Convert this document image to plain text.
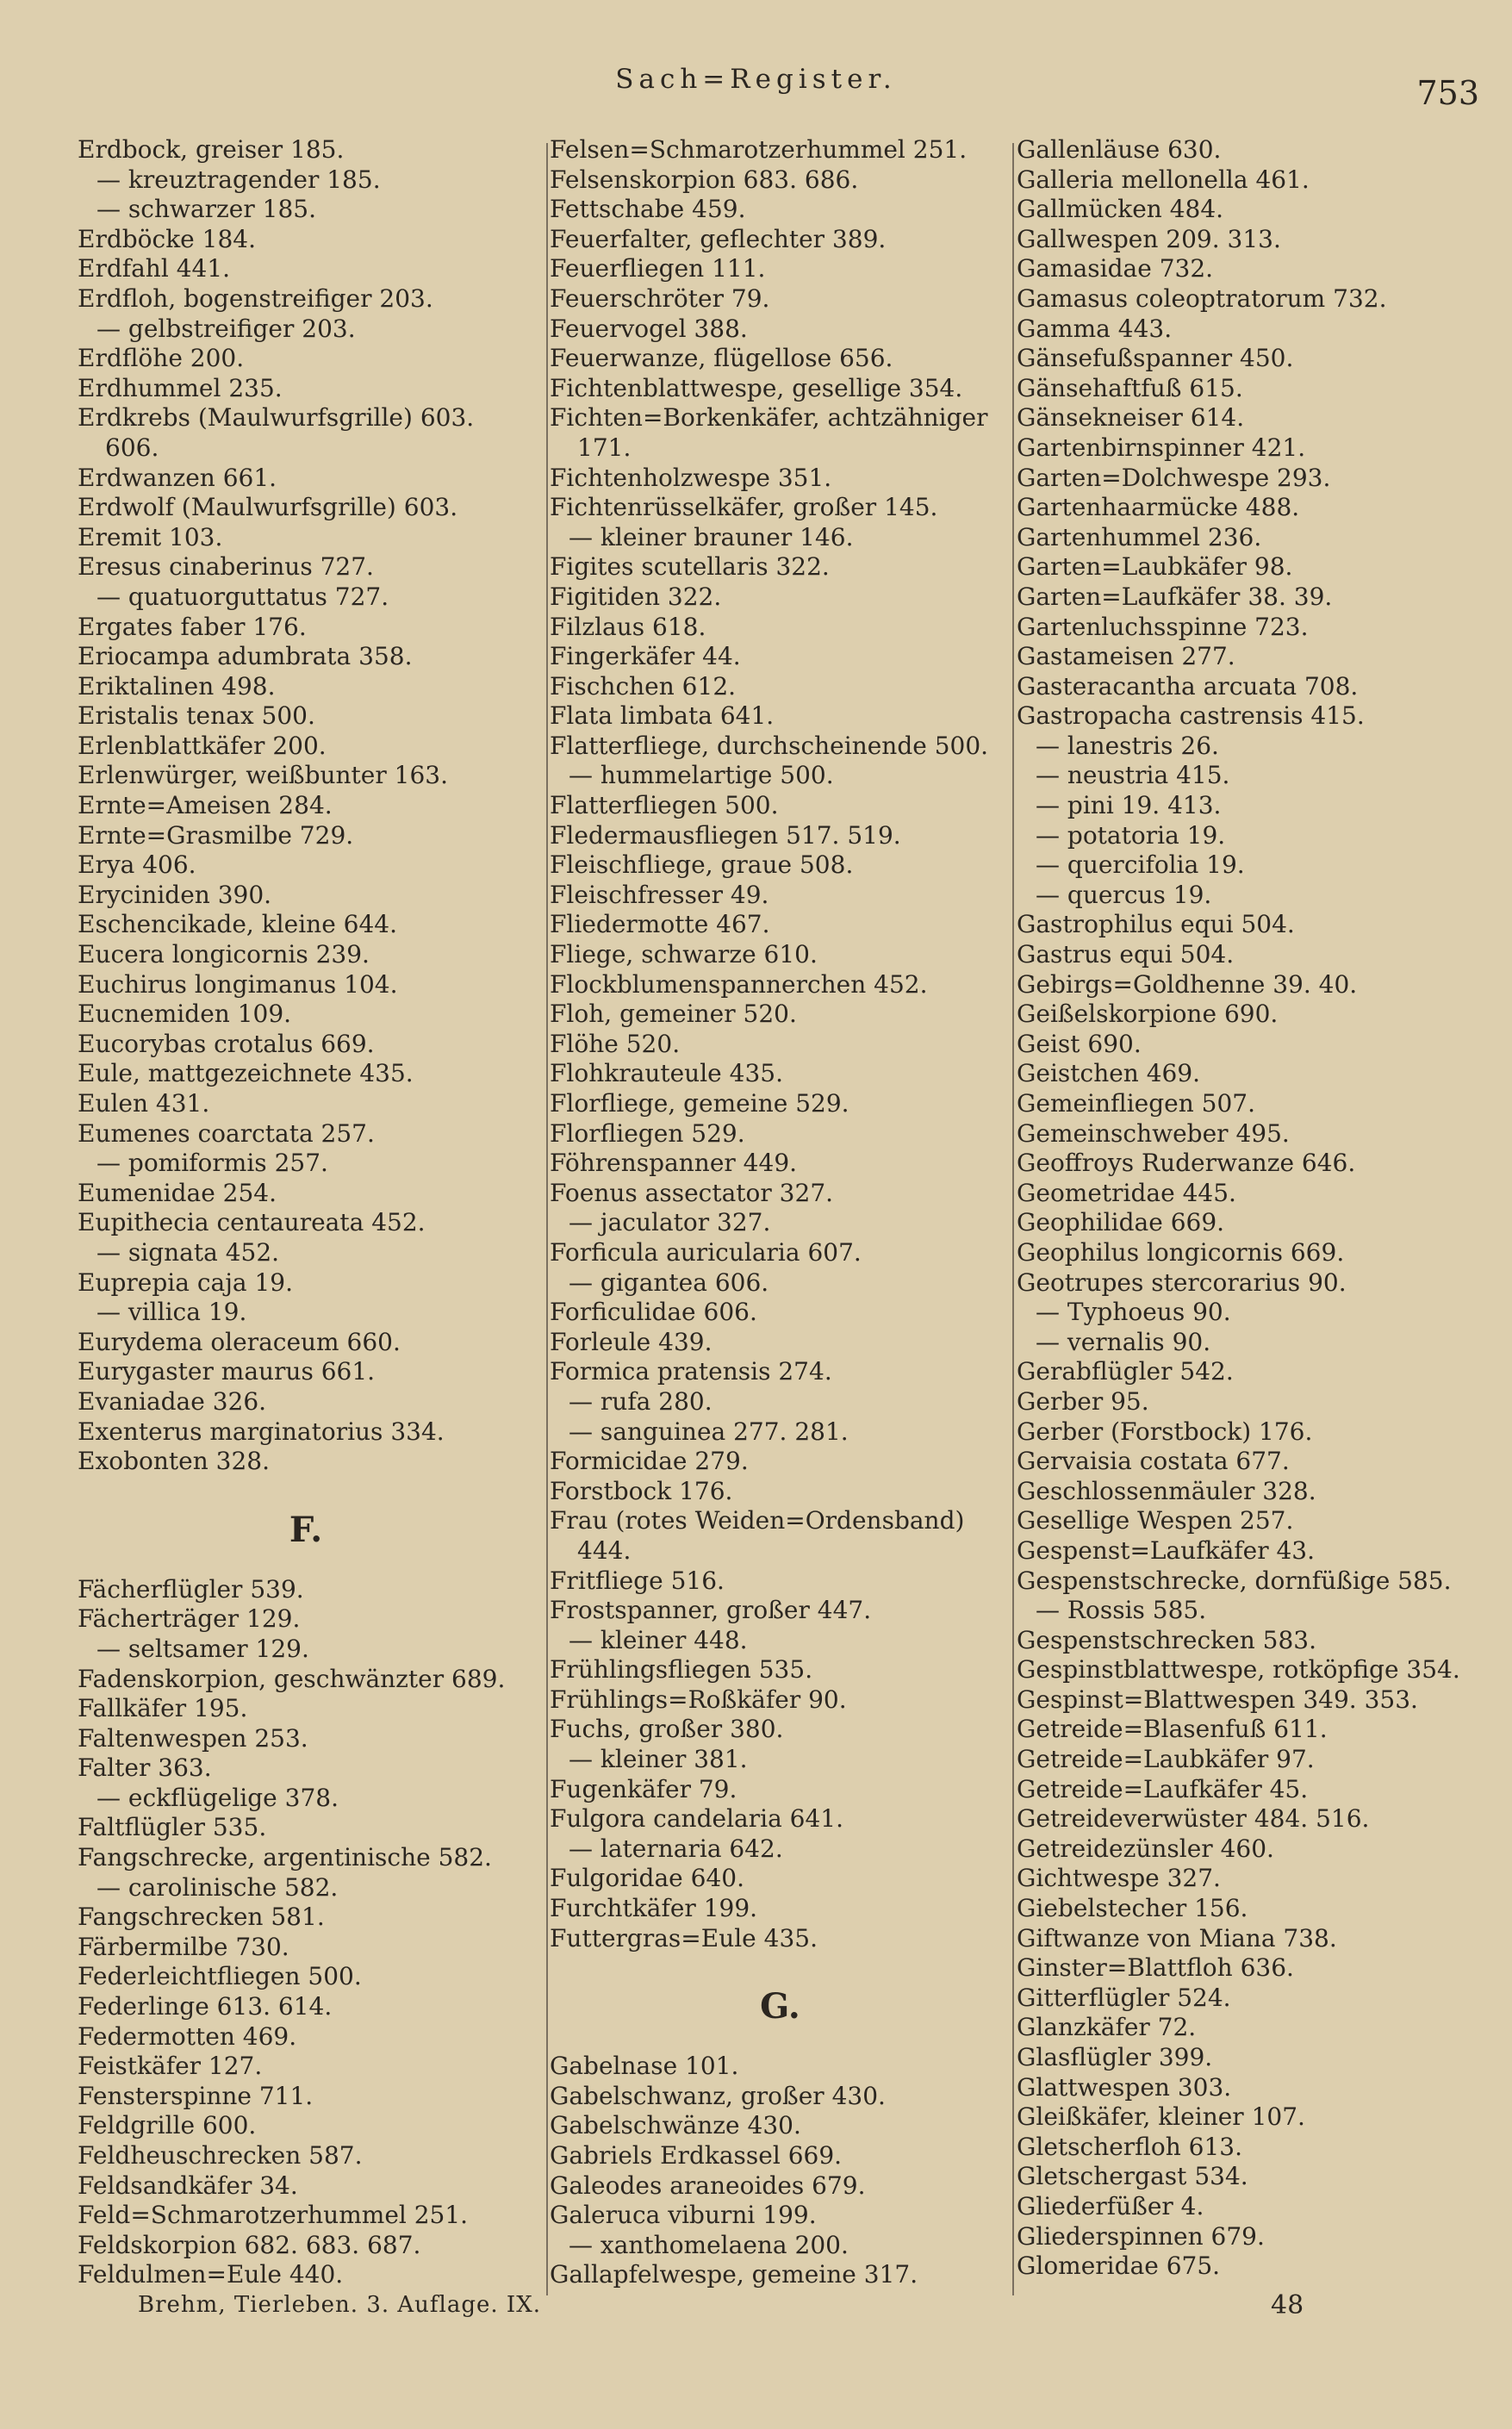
Sach=Register.	753
Erdbock, greiser 185.
— kreuztragender 185.
— schwarzer 185.
Erdböcke 184.
Erdfahl 441.
Erdfloh, bogenstreifiger 203.
— gelbstreifiger 203.
Erdflöhe 200.
Erdhummel 235.
Erdkrebs (Maulwurfsgrille) 603.
606.
Erdwanzen 661.
Erdwolf (Maulwurfsgrille) 603.
Eremit 103.
Eresus cinaberinus 727.
— quatuorguttatus 727.
Ergates faber 176.
Eriocampa adumbrata 358.
Eriktalinen 498.
Eristalis tenax 500.
Erlenblattkäfer 200.
Erlenwürger, weißbunter 163.
Ernte=Ameisen 284.
Ernte=Grasmilbe 729.
Erya 406.
Eryciniden 390.
Eschencikade, kleine 644.
Eucera longicornis 239.
Euchirus longimanus 104.
Eucnemiden 109.
Eucorybas crotalus 669.
Eule, mattgezeichnete 435.
Eulen 431.
Eumenes coarctata 257.
— pomiformis 257.
Eumenidae 254.
Eupithecia centaureata 452.
— signata 452.
Euprepia caja 19.
— villica 19.
Eurydema oleraceum 660.
Eurygaster maurus 661.
Evaniadae 326.
Exenterus marginatorius 334.
Exobonten 328.
F.
Fächerflügler 539.
Fächerträger 129.
— seltsamer 129.
Fadenskorpion, geschwänzter 689.
Fallkäfer 195.
Faltenwespen 253.
Falter 363.
— eckflügelige 378.
Faltflügler 535.
Fangschrecke, argentinische 582.
— carolinische 582.
Fangschrecken 581.
Färbermilbe 730.
Federleichtfliegen 500.
Federlinge 613. 614.
Federmotten 469.
Feistkäfer 127.
Fensterspinne 711.
Feldgrille 600.
Feldheuschrecken 587.
Feldsandkäfer 34.
Feld=Schmarotzerhummel 251.
Feldskorpion 682. 683. 687.
Feldulmen=Eule 440.
Felsen=Schmarotzerhummel 251.
Felsenskorpion 683. 686.
Fettschabe 459.
Feuerfalter, geflechter 389.
Feuerfliegen 111.
Feuerschröter 79.
Feuervogel 388.
Feuerwanze, flügellose 656.
Fichtenblattwespe, gesellige 354.
Fichten=Borkenkäfer, achtzähniger
171.
Fichtenholzwespe 351.
Fichtenrüsselkäfer, großer 145.
— kleiner brauner 146.
Figites scutellaris 322.
Figitiden 322.
Filzlaus 618.
Fingerkäfer 44.
Fischchen 612.
Flata limbata 641.
Flatterfliege, durchscheinende 500.
— hummelartige 500.
Flatterfliegen 500.
Fledermausfliegen 517. 519.
Fleischfliege, graue 508.
Fleischfresser 49.
Fliedermotte 467.
Fliege, schwarze 610.
Flockblumenspannerchen 452.
Floh, gemeiner 520.
Flöhe 520.
Flohkrauteule 435.
Florfliege, gemeine 529.
Florfliegen 529.
Föhrenspanner 449.
Foenus assectator 327.
— jaculator 327.
Forficula auricularia 607.
— gigantea 606.
Forficulidae 606.
Forleule 439.
Formica pratensis 274.
— rufa 280.
— sanguinea 277. 281.
Formicidae 279.
Forstbock 176.
Frau (rotes Weiden=Ordensband)
444.
Fritfliege 516.
Frostspanner, großer 447.
— kleiner 448.
Frühlingsfliegen 535.
Frühlings=Roßkäfer 90.
Fuchs, großer 380.
— kleiner 381.
Fugenkäfer 79.
Fulgora candelaria 641.
— laternaria 642.
Fulgoridae 640.
Furchtkäfer 199.
Futtergras=Eule 435.
G.
Gabelnase 101.
Gabelschwanz, großer 430.
Gabelschwänze 430.
Gabriels Erdkassel 669.
Galeodes araneoides 679.
Galeruca viburni 199.
— xanthomelaena 200.
Gallapfelwespe, gemeine 317.
Gallenläuse 630.
Galleria mellonella 461.
Gallmücken 484.
Gallwespen 209. 313.
Gamasidae 732.
Gamasus coleoptratorum 732.
Gamma 443.
Gänsefußspanner 450.
Gänsehaftfuß 615.
Gänsekneiser 614.
Gartenbirnspinner 421.
Garten=Dolchwespe 293.
Gartenhaarmücke 488.
Gartenhummel 236.
Garten=Laubkäfer 98.
Garten=Laufkäfer 38. 39.
Gartenluchsspinne 723.
Gastameisen 277.
Gasteracantha arcuata 708.
Gastropacha castrensis 415.
— lanestris 26.
— neustria 415.
— pini 19. 413.
— potatoria 19.
— quercifolia 19.
— quercus 19.
Gastrophilus equi 504.
Gastrus equi 504.
Gebirgs=Goldhenne 39. 40.
Geißelskorpione 690.
Geist 690.
Geistchen 469.
Gemeinfliegen 507.
Gemeinschweber 495.
Geoffroys Ruderwanze 646.
Geometridae 445.
Geophilidae 669.
Geophilus longicornis 669.
Geotrupes stercorarius 90.
— Typhoeus 90.
— vernalis 90.
Gerabflügler 542.
Gerber 95.
Gerber (Forstbock) 176.
Gervaisia costata 677.
Geschlossenmäuler 328.
Gesellige Wespen 257.
Gespenst=Laufkäfer 43.
Gespenstschrecke, dornfüßige 585.
— Rossis 585.
Gespenstschrecken 583.
Gespinstblattwespe, rotköpfige 354.
Gespinst=Blattwespen 349. 353.
Getreide=Blasenfuß 611.
Getreide=Laubkäfer 97.
Getreide=Laufkäfer 45.
Getreideverwüster 484. 516.
Getreidezünsler 460.
Gichtwespe 327.
Giebelstecher 156.
Giftwanze von Miana 738.
Ginster=Blattfloh 636.
Gitterflügler 524.
Glanzkäfer 72.
Glasflügler 399.
Glattwespen 303.
Gleißkäfer, kleiner 107.
Gletscherfloh 613.
Gletschergast 534.
Gliederfüßer 4.
Gliederspinnen 679.
Glomeridae 675.
Brehm, Tierleben. 3. Auflage. IX.	48
